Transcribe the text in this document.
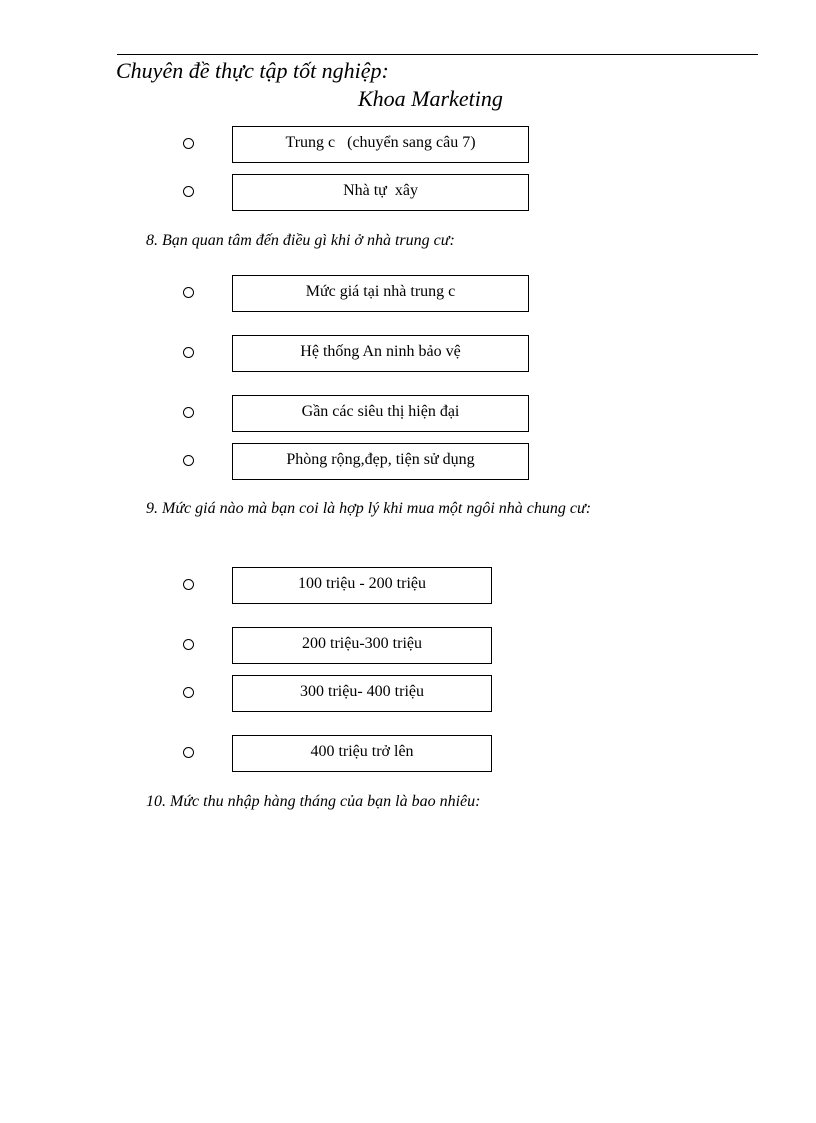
Chuyên đề thực tập tốt nghiệp:
Khoa Marketing
Trung c   (chuyển sang câu 7)
Nhà tự  xây
8. Bạn quan tâm đến điều gì khi ở nhà trung cư:
Mức giá tại nhà trung c
Hệ thống An ninh bảo vệ
Gần các siêu thị hiện đại
Phòng rộng,đẹp, tiện sử dụng
9. Mức giá nào mà bạn coi là hợp lý khi mua một ngôi nhà chung cư:
100 triệu - 200 triệu
200 triệu-300 triệu
300 triệu- 400 triệu
400 triệu trở lên
10. Mức thu nhập hàng tháng của bạn là bao nhiêu:
